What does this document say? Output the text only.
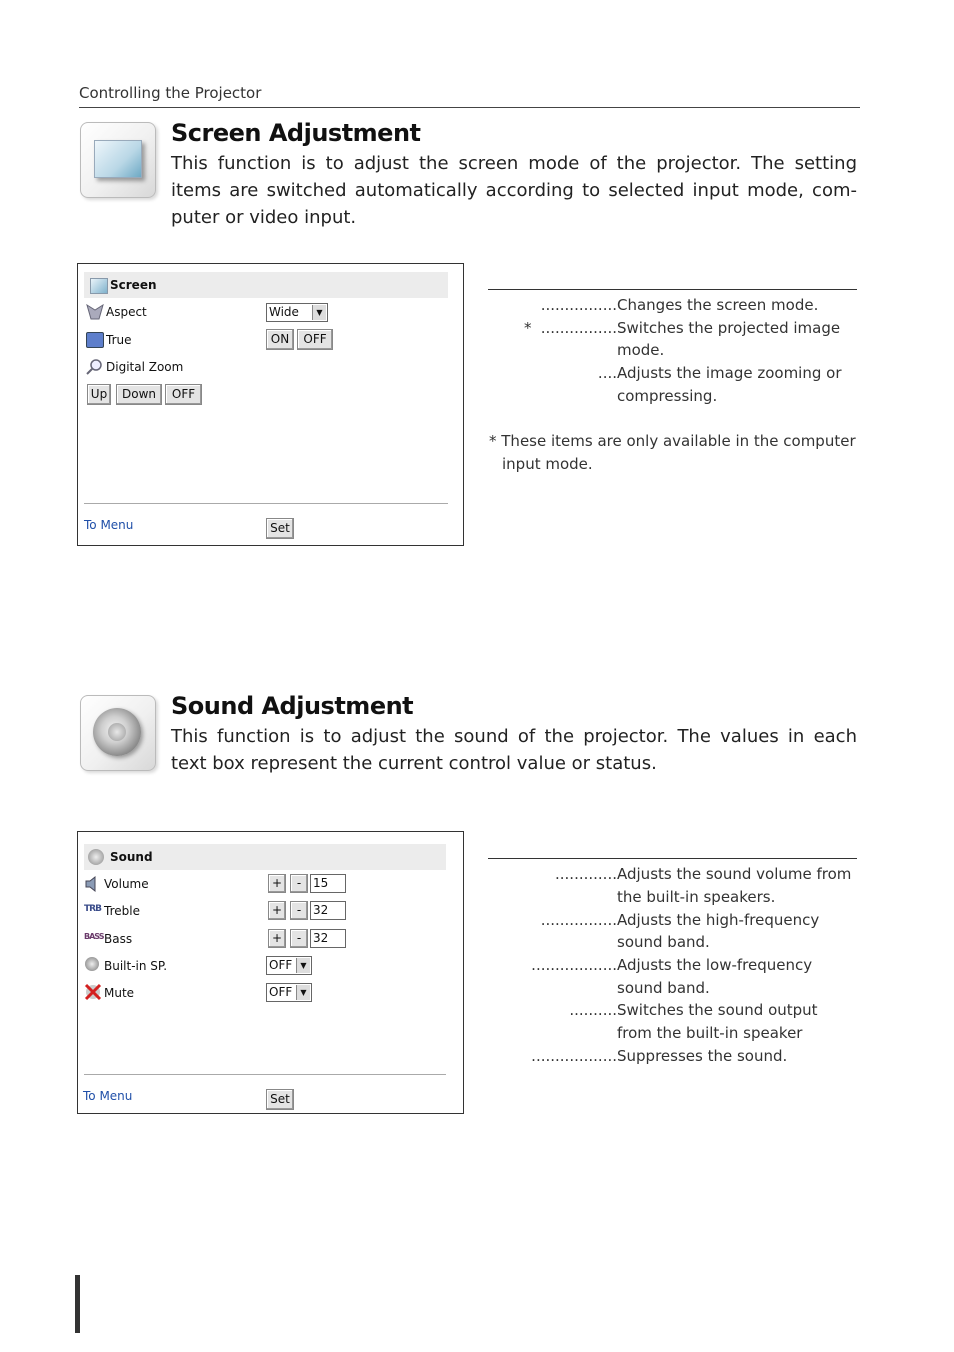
Controlling the Projector
Screen Adjustment
This function is to adjust the screen mode of the projector. The setting
items are switched automatically according to selected input mode, com-
puter or video input.
Screen
Aspect	Wide	▼
True	ON	OFF
Digital Zoom
Up	Down	OFF
To Menu	Set
................ Changes the screen mode.
* ................ Switches the projected image
mode.
.... Adjusts the image zooming or
compressing.
* These items are only available in the computer
input mode.
Sound Adjustment
This function is to adjust the sound of the projector. The values in each
text box represent the current control value or status.
Sound
Volume	+	- 15
TRB Treble	+	- 32
BASS Bass	+	- 32
Built-in SP.	OFF	▼
Mute	OFF	▼
To Menu	Set
............. Adjusts the sound volume from
the built-in speakers.
................ Adjusts the high-frequency
sound band.
.................. Adjusts the low-frequency
sound band.
.......... Switches the sound output
from the built-in speaker
.................. Suppresses the sound.
